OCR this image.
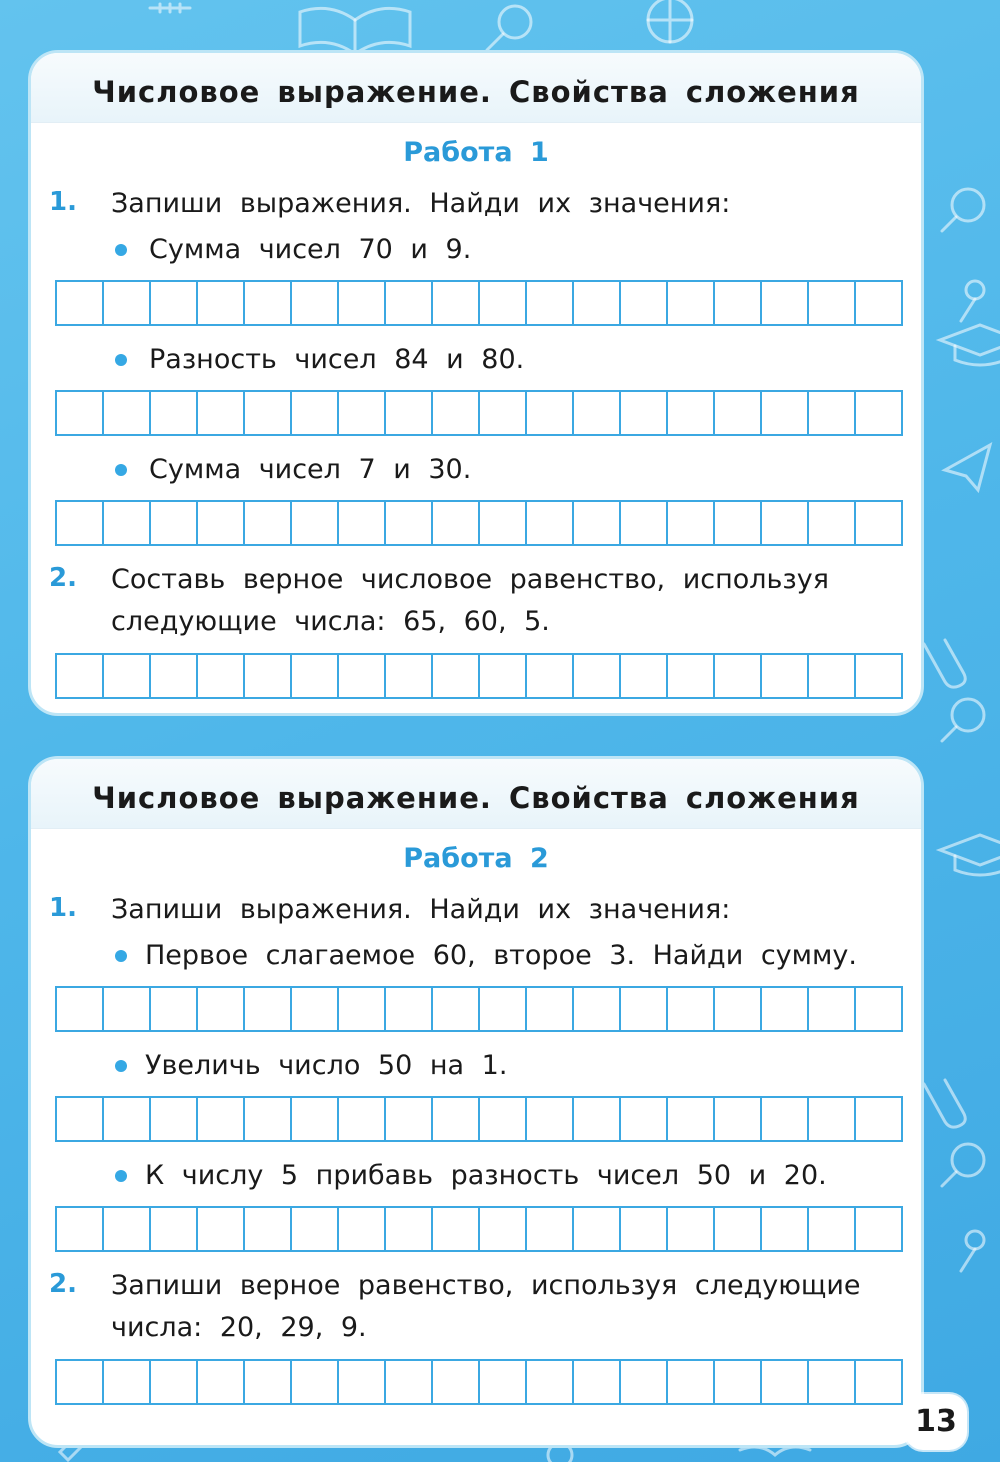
Числовое выражение. Свойства сложения
Работа 1
1. Запиши выражения. Найди их значения:
Сумма чисел 70 и 9.
Разность чисел 84 и 80.
Сумма чисел 7 и 30.
2. Составь верное числовое равенство, используя
следующие числа: 65, 60, 5.
Числовое выражение. Свойства сложения
Работа 2
1. Запиши выражения. Найди их значения:
Первое слагаемое 60, второе 3. Найди сумму.
Увеличь число 50 на 1.
К числу 5 прибавь разность чисел 50 и 20.
2. Запиши верное равенство, используя следующие
числа: 20, 29, 9.
13
